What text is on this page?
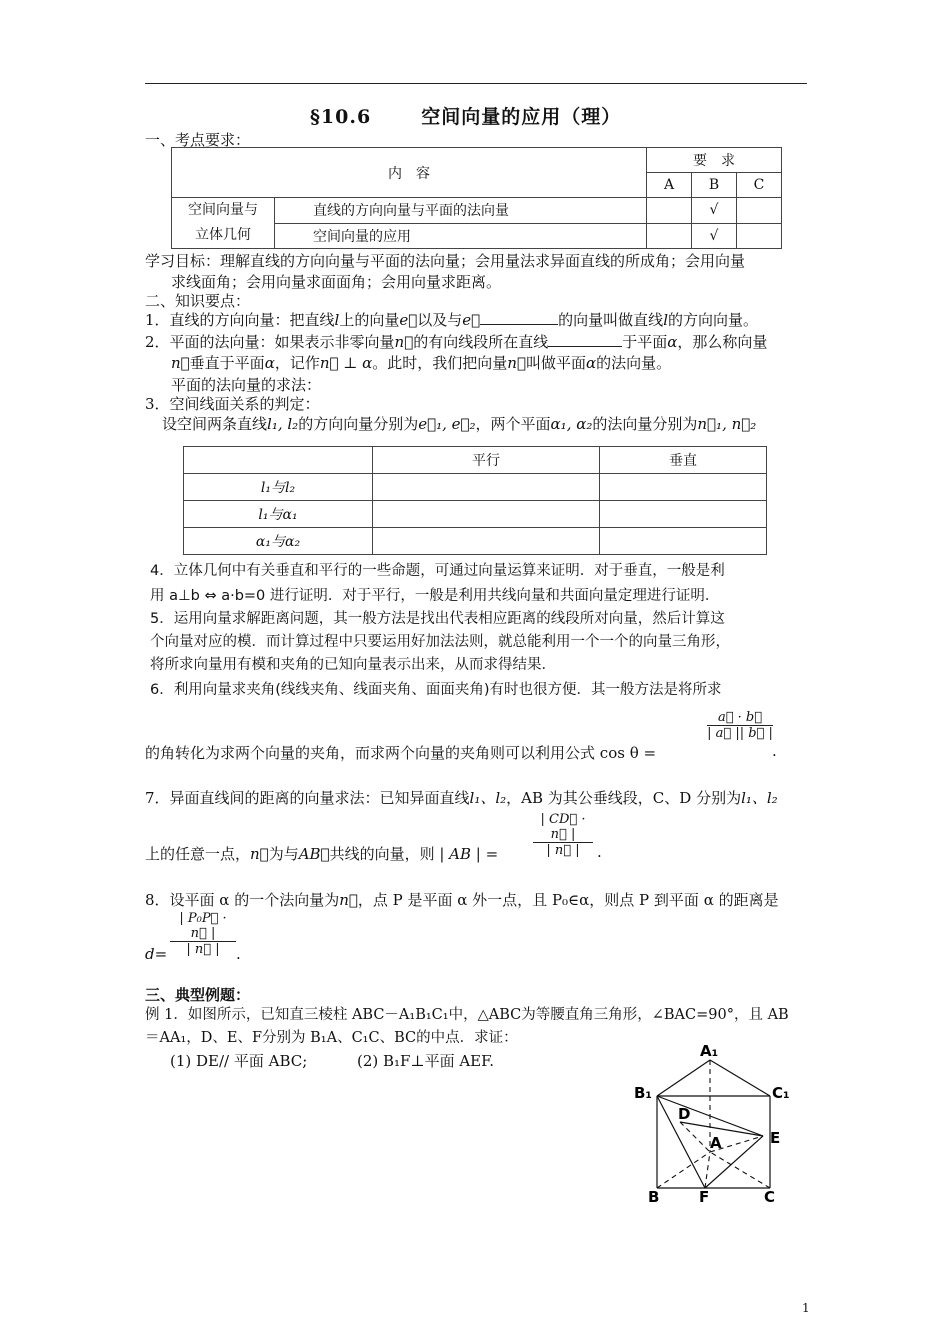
§10.6	空间向量的应用（理）
一、考点要求：
内　容		要　求		
		A	B	C

空间向量与
立体几何	直线的方向向量与平面的法向量		√	
	空间向量的应用		√	
学习目标：理解直线的方向向量与平面的法向量；会用量法求异面直线的所成角；会用向量
求线面角；会用向量求面面角；会用向量求距离。
二、知识要点：
1．直线的方向向量：把直线l上的向量e⃗以及与e⃗	的向量叫做直线l的方向向量。
2．平面的法向量：如果表示非零向量n⃗的有向线段所在直线	于平面α，那么称向量
n⃗垂直于平面α，记作n⃗ ⊥ α。此时，我们把向量n⃗叫做平面α的法向量。
平面的法向量的求法：
3．空间线面关系的判定：
设空间两条直线l₁, l₂的方向向量分别为e⃗₁, e⃗₂，两个平面α₁, α₂的法向量分别为n⃗₁, n⃗₂
	平行	垂直
l₁与l₂		
l₁与α₁		
α₁与α₂		
4．立体几何中有关垂直和平行的一些命题，可通过向量运算来证明．对于垂直，一般是利
用 a⊥b ⇔ a·b=0 进行证明．对于平行，一般是利用共线向量和共面向量定理进行证明．
5．运用向量求解距离问题，其一般方法是找出代表相应距离的线段所对向量，然后计算这
个向量对应的模．而计算过程中只要运用好加法法则，就总能利用一个一个的向量三角形，
将所求向量用有模和夹角的已知向量表示出来，从而求得结果．
6．利用向量求夹角(线线夹角、线面夹角、面面夹角)有时也很方便．其一般方法是将所求
的角转化为求两个向量的夹角，而求两个向量的夹角则可以利用公式 cos θ =
$\frac{a⃗ \cdot b⃗}{| a⃗ || b⃗ |}$
.
7．异面直线间的距离的向量求法：已知异面直线l₁、l₂，AB 为其公垂线段，C、D 分别为l₁、l₂
$\frac{| CD⃗ \cdot n⃗ |}{| n⃗ |}$
上的任意一点，n⃗为与AB⃗共线的向量，则 | AB | =	.
8．设平面 α 的一个法向量为n⃗，点 P 是平面 α 外一点，且 P₀∈α，则点 P 到平面 α 的距离是
$\frac{\text{| P₀P⃗ · n⃗ |}}{| n⃗ |}$
d=	.
三、典型例题：
例 1．如图所示，已知直三棱柱 ABC－A₁B₁C₁中，△ABC为等腰直角三角形，∠BAC=90°，且 AB
＝AA₁，D、E、F分别为 B₁A、C₁C、BC的中点．求证：
(1) DE// 平面 ABC;	(2) B₁F⊥平面 AEF.
A₁
B₁	C₁
D
A	E
B	F	C
1
